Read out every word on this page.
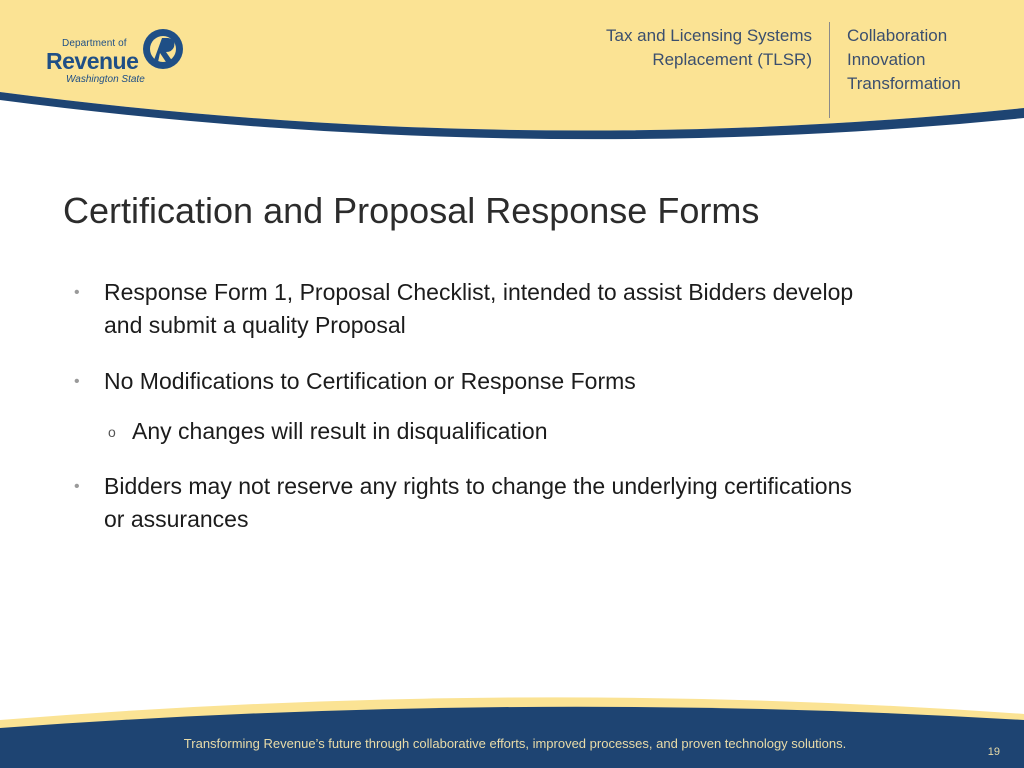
Department of
Revenue
Washington State
Tax and Licensing Systems
Replacement (TLSR)
Collaboration
Innovation
Transformation
Certification and Proposal Response Forms
• Response Form 1, Proposal Checklist, intended to assist Bidders develop and submit a quality Proposal
• No Modifications to Certification or Response Forms
o Any changes will result in disqualification
• Bidders may not reserve any rights to change the underlying certifications or assurances
Transforming Revenue’s future through collaborative efforts, improved processes, and proven technology solutions.
19
